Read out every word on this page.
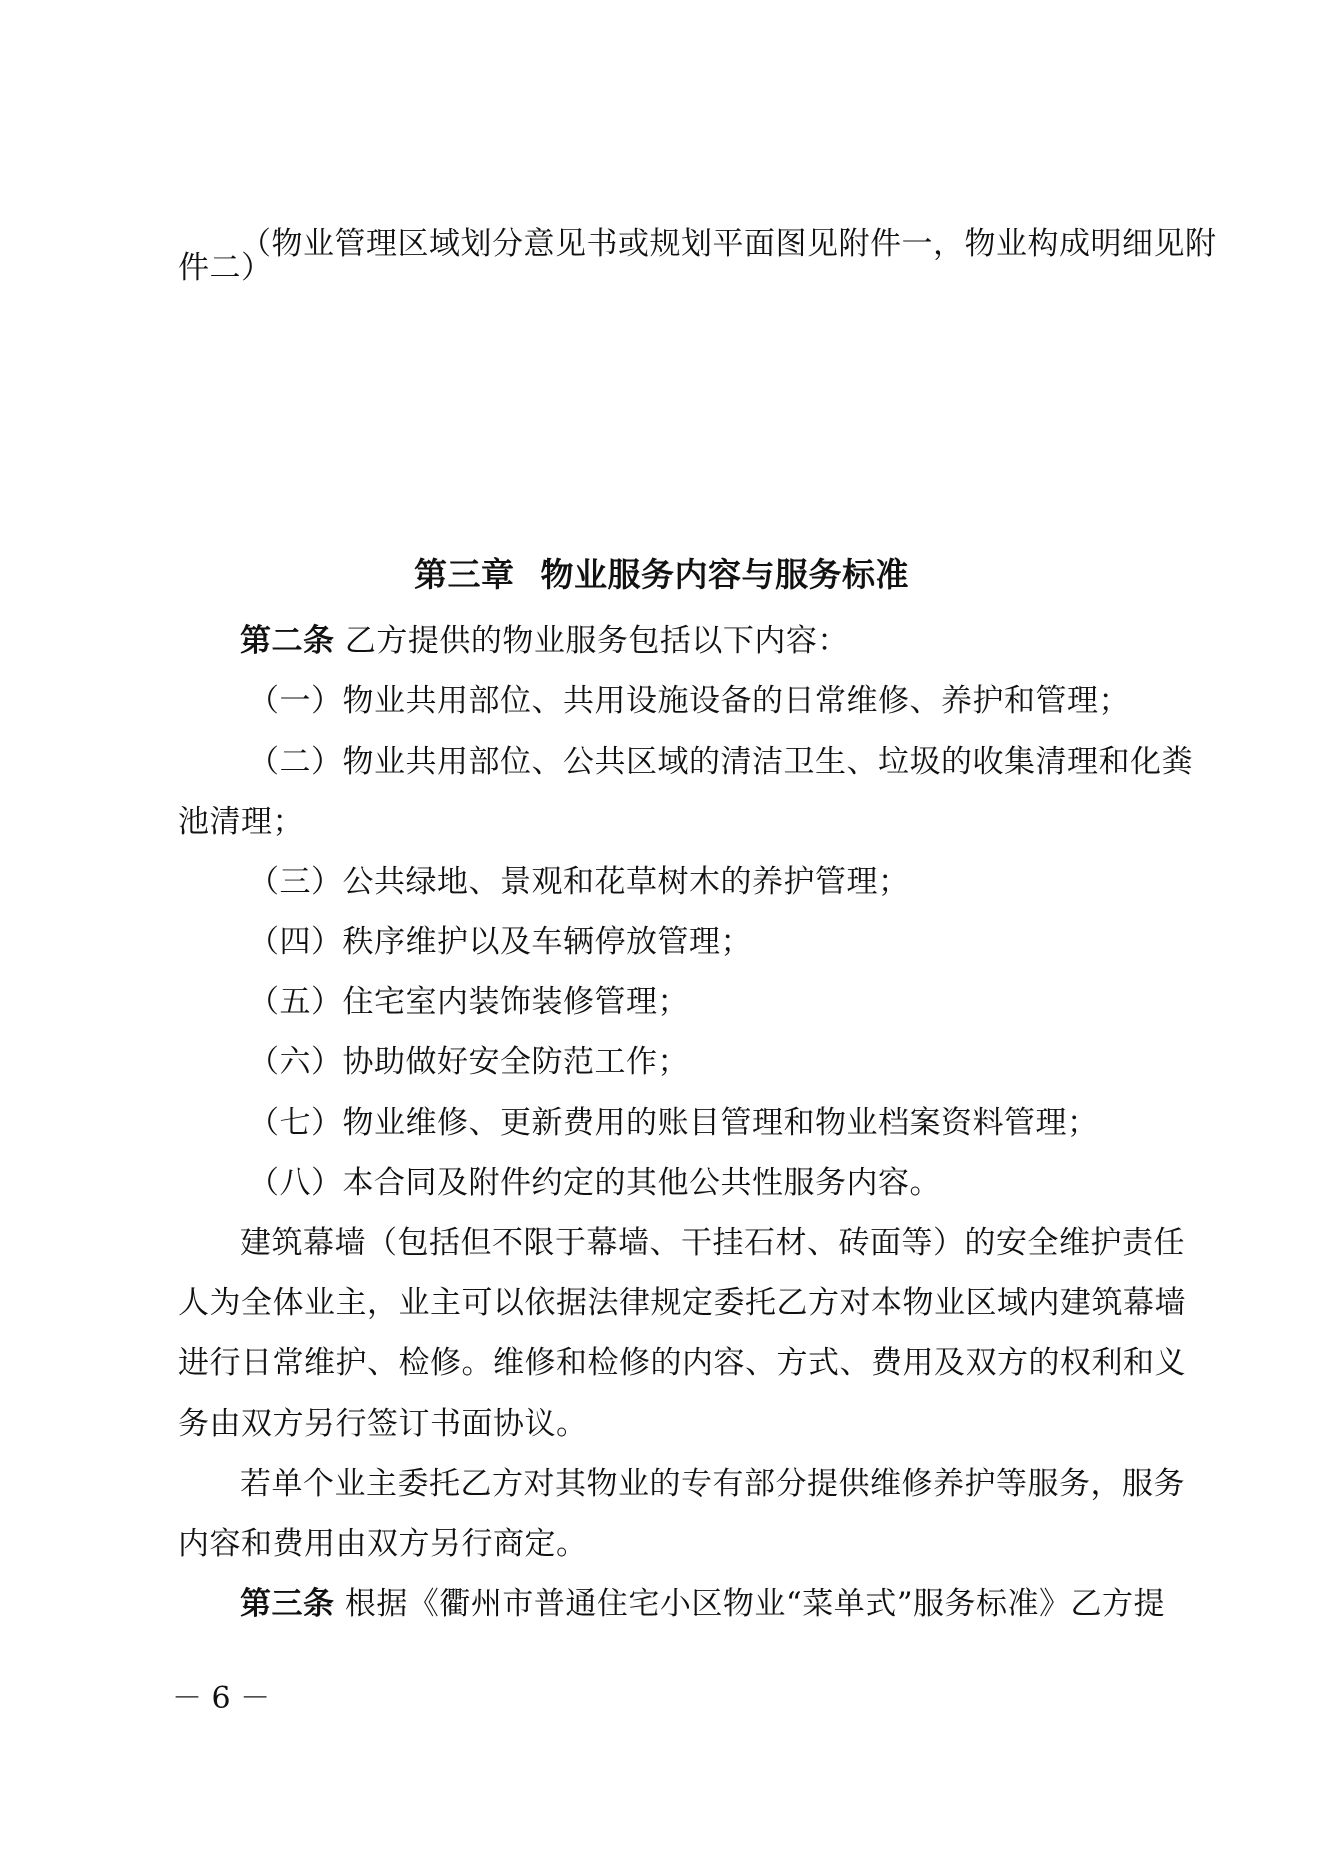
（物业管理区域划分意见书或规划平面图见附件一，物业构成明细见附
件二）
第三章 物业服务内容与服务标准
第二条 乙方提供的物业服务包括以下内容：
（一）物业共用部位、共用设施设备的日常维修、养护和管理；
（二）物业共用部位、公共区域的清洁卫生、垃圾的收集清理和化粪
池清理；
（三）公共绿地、景观和花草树木的养护管理；
（四）秩序维护以及车辆停放管理；
（五）住宅室内装饰装修管理；
（六）协助做好安全防范工作；
（七）物业维修、更新费用的账目管理和物业档案资料管理；
（八）本合同及附件约定的其他公共性服务内容。
建筑幕墙（包括但不限于幕墙、干挂石材、砖面等）的安全维护责任
人为全体业主，业主可以依据法律规定委托乙方对本物业区域内建筑幕墙
进行日常维护、检修。维修和检修的内容、方式、费用及双方的权利和义
务由双方另行签订书面协议。
若单个业主委托乙方对其物业的专有部分提供维修养护等服务，服务
内容和费用由双方另行商定。
第三条 根据《衢州市普通住宅小区物业“菜单式”服务标准》乙方提
－ 6 －
